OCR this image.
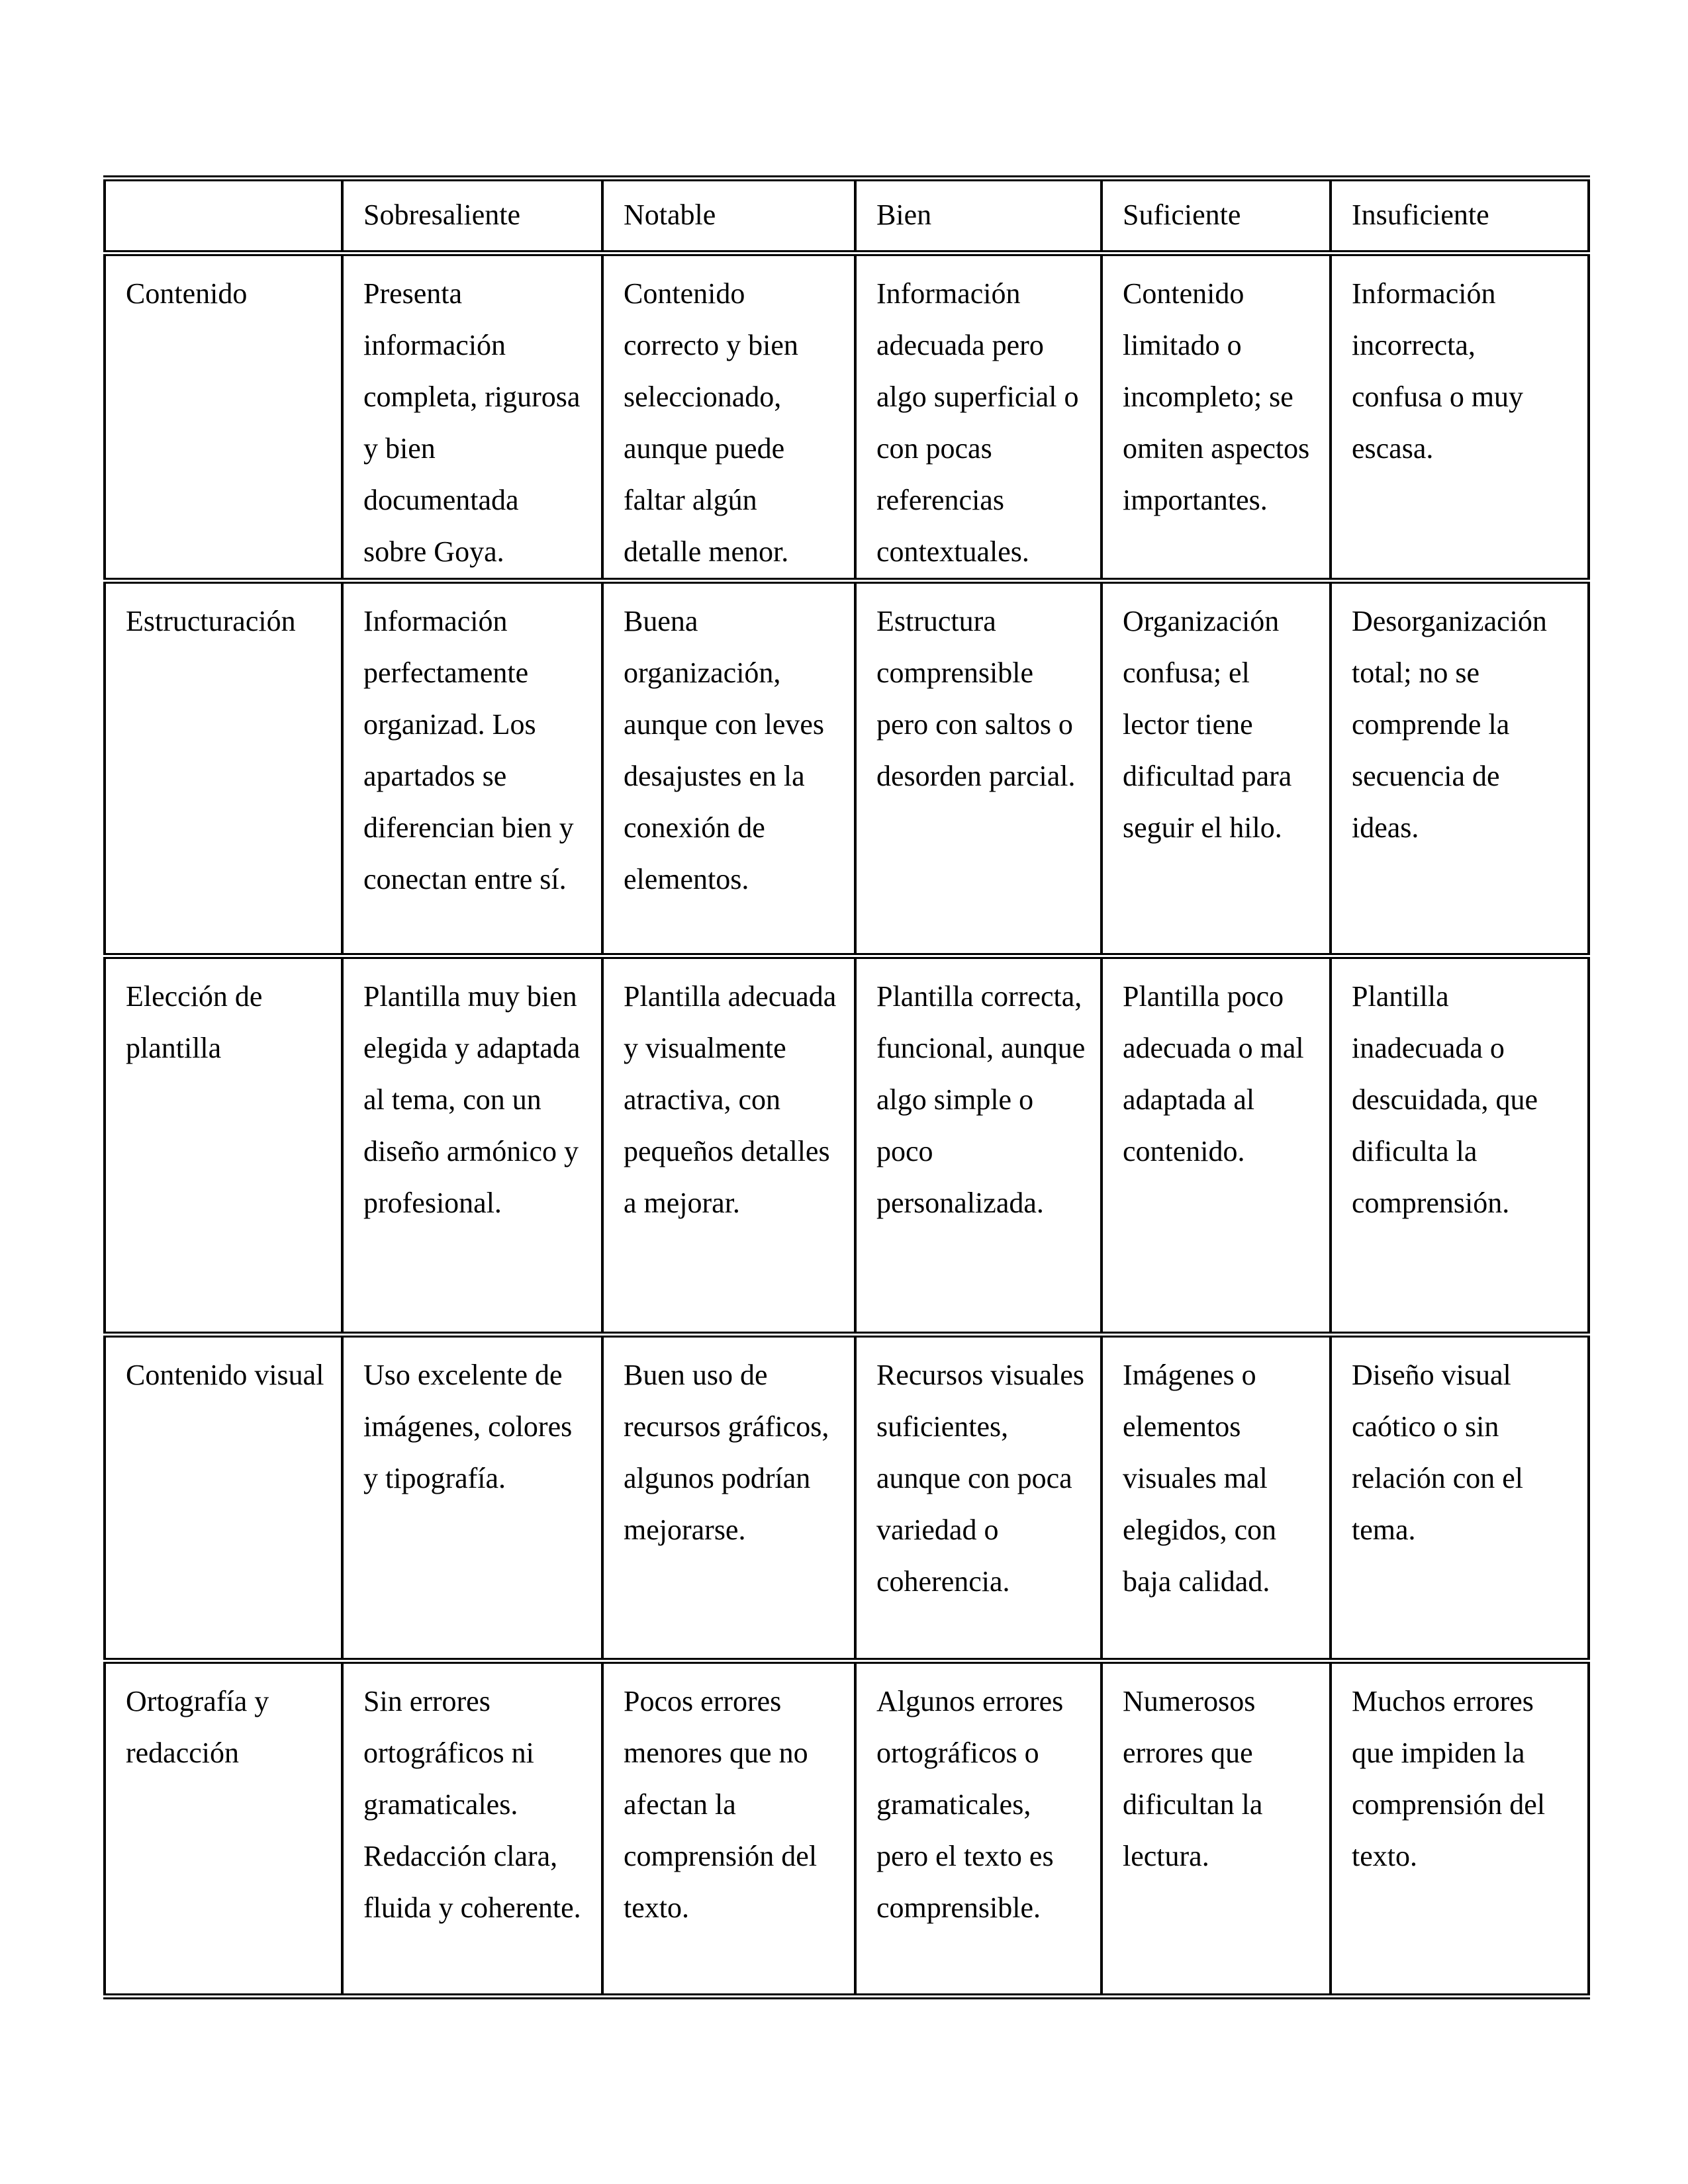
	Sobresaliente	Notable	Bien	Suficiente	Insuficiente
Contenido	Presenta información completa, rigurosa y bien documentada sobre Goya.	Contenido correcto y bien seleccionado, aunque puede faltar algún detalle menor.	Información adecuada pero algo superficial o con pocas referencias contextuales.	Contenido limitado o incompleto; se omiten aspectos importantes.	Información incorrecta, confusa o muy escasa.
Estructuración	Información perfectamente organizad. Los apartados se diferencian bien y conectan entre sí.	Buena organización, aunque con leves desajustes en la conexión de elementos.	Estructura comprensible pero con saltos o desorden parcial.	Organización confusa; el lector tiene dificultad para seguir el hilo.	Desorganización total; no se comprende la secuencia de ideas.
Elección de plantilla	Plantilla muy bien elegida y adaptada al tema, con un diseño armónico y profesional.	Plantilla adecuada y visualmente atractiva, con pequeños detalles a mejorar.	Plantilla correcta, funcional, aunque algo simple o poco personalizada.	Plantilla poco adecuada o mal adaptada al contenido.	Plantilla inadecuada o descuidada, que dificulta la comprensión.
Contenido visual	Uso excelente de imágenes, colores y tipografía.	Buen uso de recursos gráficos, algunos podrían mejorarse.	Recursos visuales suficientes, aunque con poca variedad o coherencia.	Imágenes o elementos visuales mal elegidos, con baja calidad.	Diseño visual caótico o sin relación con el tema.
Ortografía y redacción	Sin errores ortográficos ni gramaticales. Redacción clara, fluida y coherente.	Pocos errores menores que no afectan la comprensión del texto.	Algunos errores ortográficos o gramaticales, pero el texto es comprensible.	Numerosos errores que dificultan la lectura.	Muchos errores que impiden la comprensión del texto.
